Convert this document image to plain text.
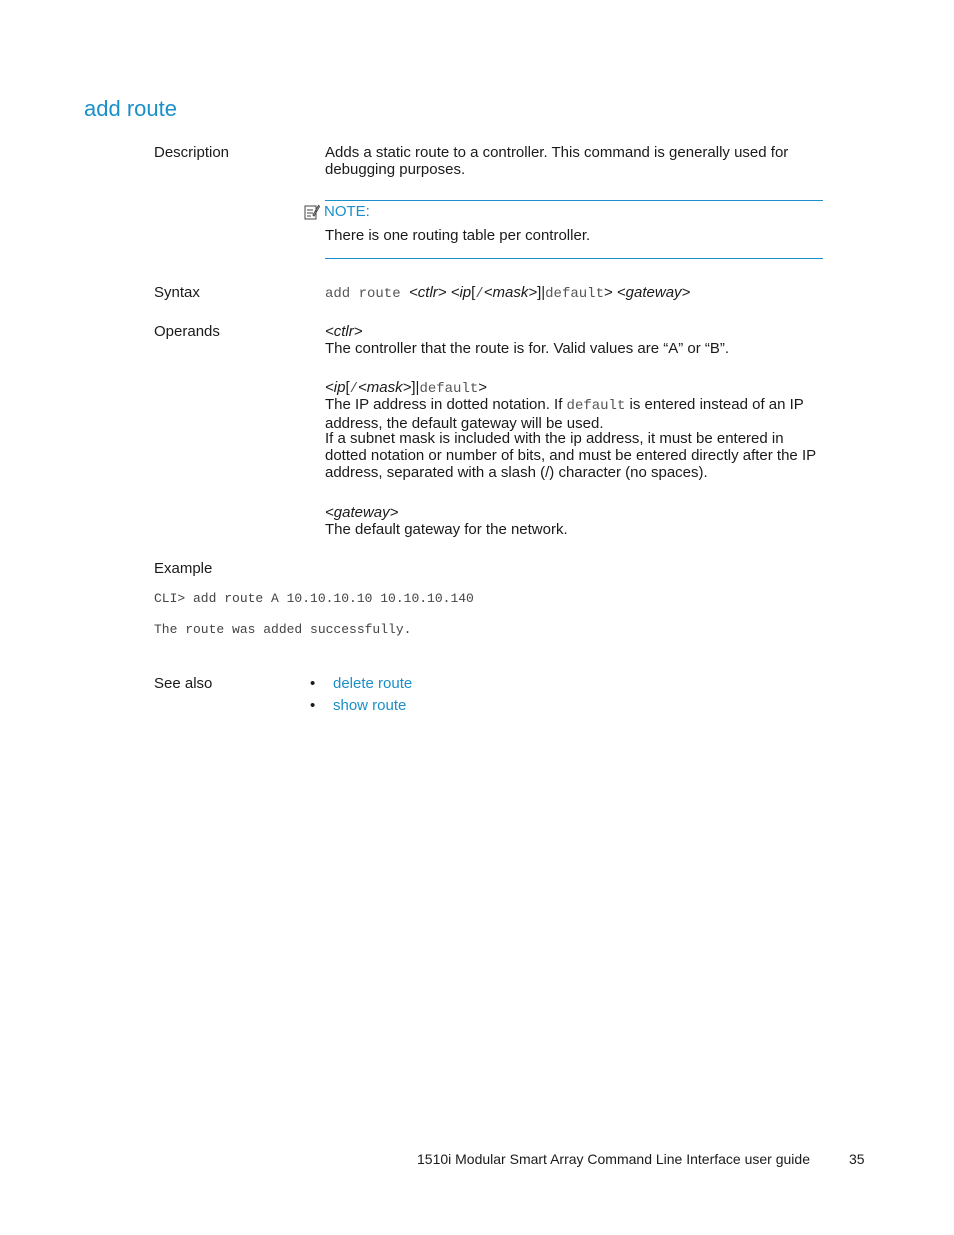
add route
Description	Adds a static route to a controller. This command is generally used for debugging purposes.
NOTE:
There is one routing table per controller.
Syntax	add route <ctlr> <ip[/<mask>]|default> <gateway>
Operands	<ctlr>
The controller that the route is for. Valid values are “A” or “B”.
<ip[/<mask>]|default>
The IP address in dotted notation. If default is entered instead of an IP address, the default gateway will be used.
If a subnet mask is included with the ip address, it must be entered in dotted notation or number of bits, and must be entered directly after the IP address, separated with a slash (/) character (no spaces).
<gateway>
The default gateway for the network.
Example
CLI> add route A 10.10.10.10 10.10.10.140
The route was added successfully.
See also	• delete route
• show route
1510i Modular Smart Array Command Line Interface user guide	35
